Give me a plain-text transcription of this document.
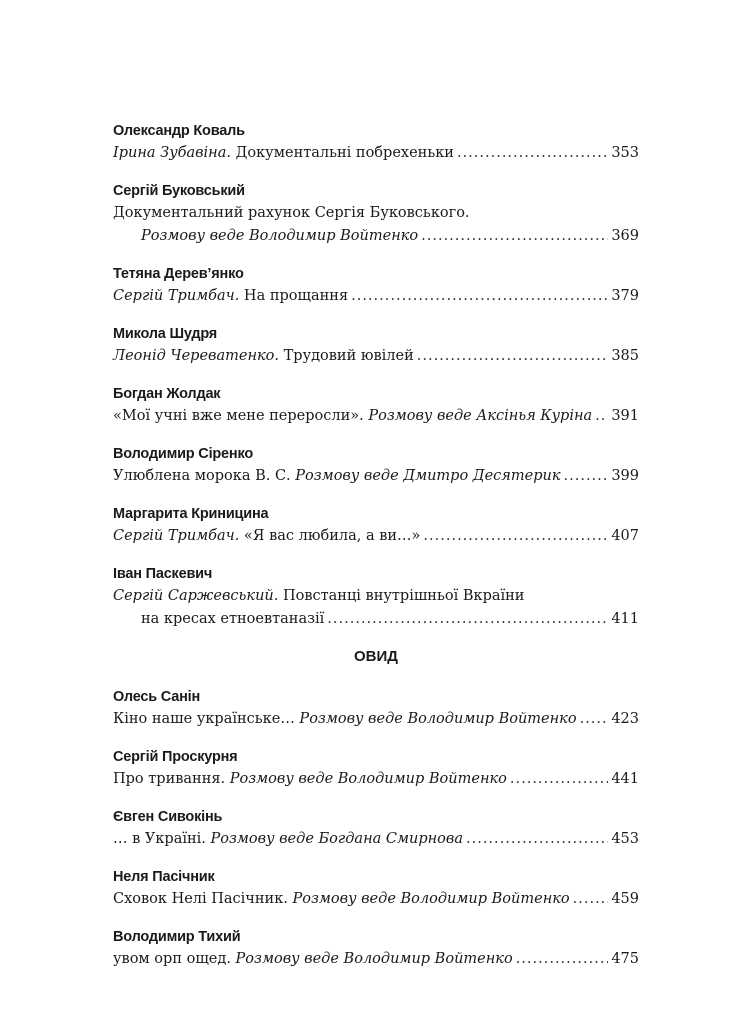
Олександр Коваль
Ірина Зубавіна. Документальні побрехеньки .....	353
Сергій Буковський
Документальний рахунок Сергія Буковського.
Розмову веде Володимир Войтенко .....	369
Тетяна Дерев’янко
Сергій Тримбач. На прощання .....	379
Микола Шудря
Леонід Череватенко. Трудовий ювілей .....	385
Богдан Жолдак
«Мої учні вже мене переросли». Розмову веде Аксінья Куріна ..... 391
Володимир Сіренко
Улюблена морока В. С. Розмову веде Дмитро Десятерик .....	399
Маргарита Криницина
Сергій Тримбач. «Я вас любила, а ви…» .....	407
Іван Паскевич
Сергій Саржевський. Повстанці внутрішньої Вкраїни
на кресах етноевтаназії .....	411
ОВИД
Олесь Санін
Кіно наше українське… Розмову веде Володимир Войтенко ..... 423
Сергій Проскурня
Про тривання. Розмову веде Володимир Войтенко .....	441
Євген Сивокінь
… в Україні. Розмову веде Богдана Смирнова .....	453
Неля Пасічник
Сховок Нелі Пасічник. Розмову веде Володимир Войтенко .....	459
Володимир Тихий
увом орп ощед. Розмову веде Володимир Войтенко .....	475
